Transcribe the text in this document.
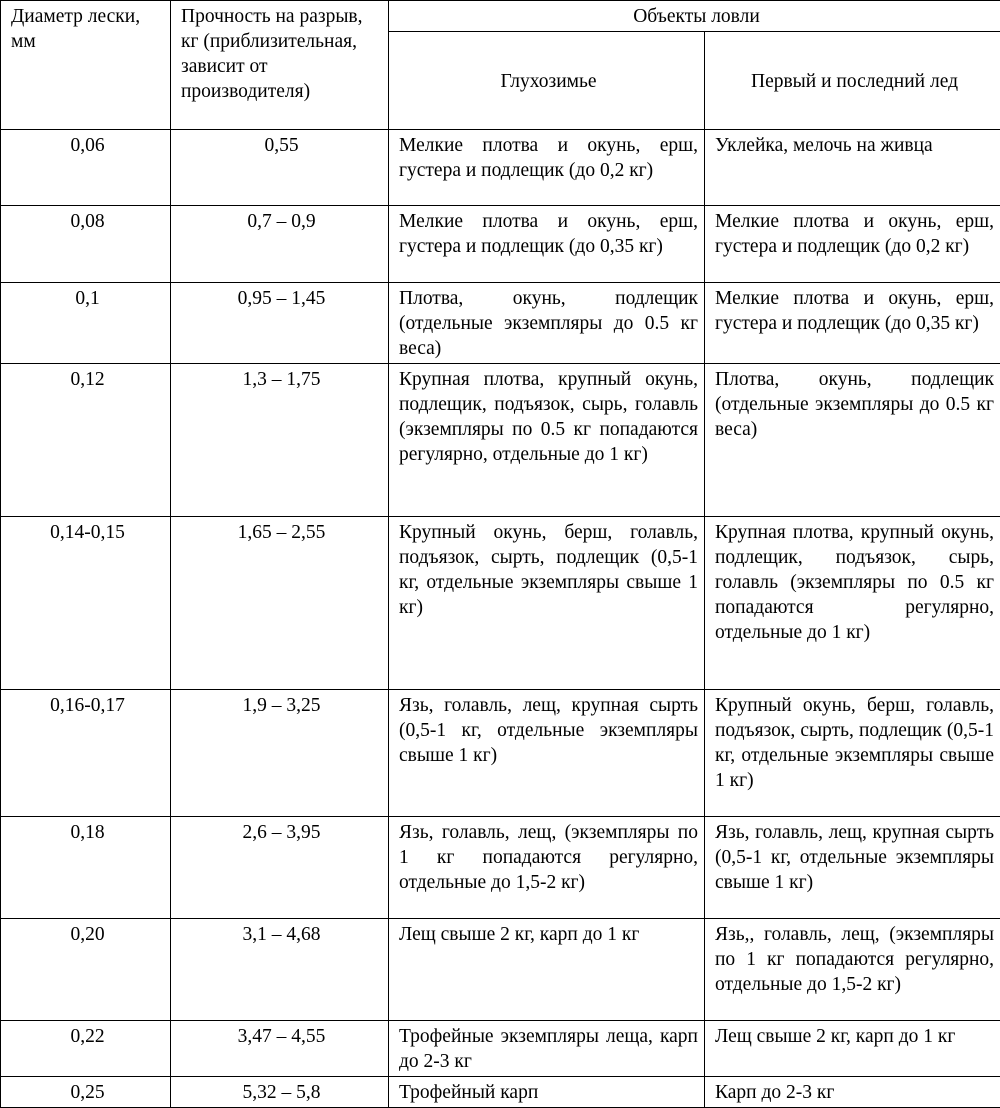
Диаметр лески, мм	Прочность на разрыв, кг (приблизительная, зависит от производителя)	Объекты ловли	
		Глухозимье	Первый и последний лед
0,06	0,55	Мелкие плотва и окунь, ерш, густера и подлещик (до 0,2 кг)	Уклейка, мелочь на живца
0,08	0,7 – 0,9	Мелкие плотва и окунь, ерш, густера и подлещик (до 0,35 кг)	Мелкие плотва и окунь, ерш, густера и подлещик (до 0,2 кг)
0,1	0,95 – 1,45	Плотва, окунь, подлещик (отдельные экземпляры до 0.5 кг веса)	Мелкие плотва и окунь, ерш, густера и подлещик (до 0,35 кг)
0,12	1,3 – 1,75	Крупная плотва, крупный окунь, подлещик, подъязок, сырь, голавль (экземпляры по 0.5 кг попадаются регулярно, отдельные до 1 кг)	Плотва, окунь, подлещик (отдельные экземпляры до 0.5 кг веса)
0,14-0,15	1,65 – 2,55	Крупный окунь, берш, голавль, подъязок, сырть, подлещик (0,5-1 кг, отдельные экземпляры свыше 1 кг)	Крупная плотва, крупный окунь, подлещик, подъязок, сырь, голавль (экземпляры по 0.5 кг попадаются регулярно, отдельные до 1 кг)
0,16-0,17	1,9 – 3,25	Язь, голавль, лещ, крупная сырть (0,5-1 кг, отдельные экземпляры свыше 1 кг)	Крупный окунь, берш, голавль, подъязок, сырть, подлещик (0,5-1 кг, отдельные экземпляры свыше 1 кг)
0,18	2,6 – 3,95	Язь, голавль, лещ, (экземпляры по 1 кг попадаются регулярно, отдельные до 1,5-2 кг)	Язь, голавль, лещ, крупная сырть (0,5-1 кг, отдельные экземпляры свыше 1 кг)
0,20	3,1 – 4,68	Лещ свыше 2 кг, карп до 1 кг	Язь,, голавль, лещ, (экземпляры по 1 кг попадаются регулярно, отдельные до 1,5-2 кг)
0,22	3,47 – 4,55	Трофейные экземпляры леща, карп до 2-3 кг	Лещ свыше 2 кг, карп до 1 кг
0,25	5,32 – 5,8	Трофейный карп	Карп до 2-3 кг
